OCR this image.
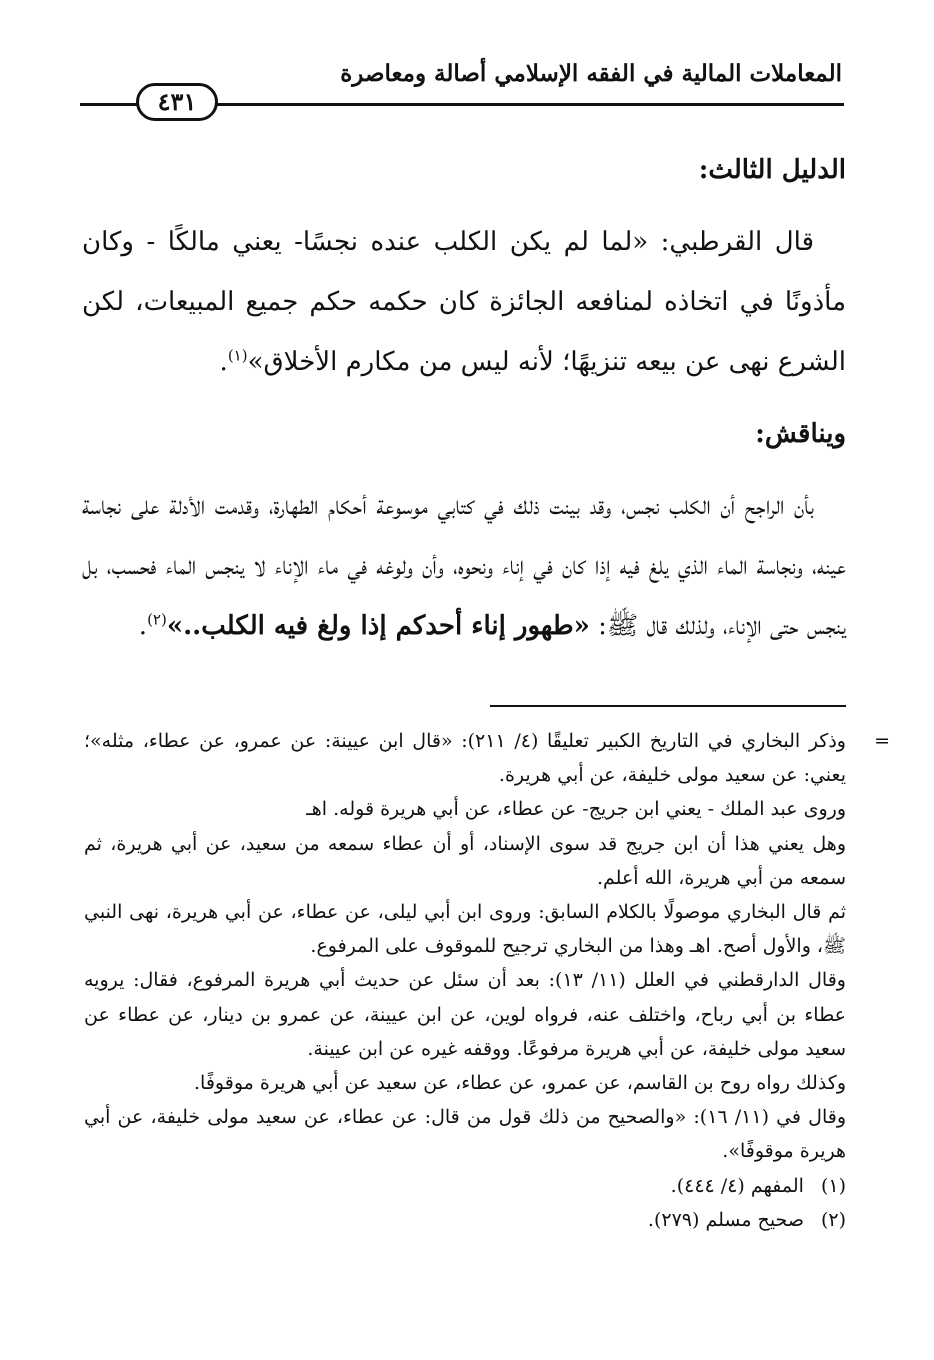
المعاملات المالية في الفقه الإسلامي أصالة ومعاصرة
٤٣١

الدليل الثالث:

قال القرطبي: «لما لم يكن الكلب عنده نجسًا- يعني مالكًا - وكان مأذونًا في اتخاذه لمنافعه الجائزة كان حكمه حكم جميع المبيعات، لكن الشرع نهى عن بيعه تنزيهًا؛ لأنه ليس من مكارم الأخلاق»$^{(١)}$.

ويناقش:

بأن الراجح أن الكلب نجس، وقد بينت ذلك في كتابي موسوعة أحكام الطهارة، وقدمت الأدلة على نجاسة عينه، ونجاسة الماء الذي يلغ فيه إذا كان في إناء ونحوه، وأن ولوغه في ماء الإناء لا ينجس الماء فحسب، بل ينجس حتى الإناء، ولذلك قال ﷺ: «طهور إناء أحدكم إذا ولغ فيه الكلب..»$^{(٢)}$.

=
وذكر البخاري في التاريخ الكبير تعليقًا (٤/ ٢١١): «قال ابن عيينة: عن عمرو، عن عطاء، مثله»؛ يعني: عن سعيد مولى خليفة، عن أبي هريرة.

وروى عبد الملك - يعني ابن جريج- عن عطاء، عن أبي هريرة قوله. اهـ

وهل يعني هذا أن ابن جريج قد سوى الإسناد، أو أن عطاء سمعه من سعيد، عن أبي هريرة، ثم سمعه من أبي هريرة، الله أعلم.

ثم قال البخاري موصولًا بالكلام السابق: وروى ابن أبي ليلى، عن عطاء، عن أبي هريرة، نهى النبي ﷺ، والأول أصح. اهـ وهذا من البخاري ترجيح للموقوف على المرفوع.

وقال الدارقطني في العلل (١١/ ١٣): بعد أن سئل عن حديث أبي هريرة المرفوع، فقال: يرويه عطاء بن أبي رباح، واختلف عنه، فرواه لوين، عن ابن عيينة، عن عمرو بن دينار، عن عطاء عن سعيد مولى خليفة، عن أبي هريرة مرفوعًا. ووقفه غيره عن ابن عيينة.

وكذلك رواه روح بن القاسم، عن عمرو، عن عطاء، عن سعيد عن أبي هريرة موقوفًا.

وقال في (١١/ ١٦): «والصحيح من ذلك قول من قال: عن عطاء، عن سعيد مولى خليفة، عن أبي هريرة موقوفًا».

(١) المفهم (٤/ ٤٤٤).

(٢) صحيح مسلم (٢٧٩).
